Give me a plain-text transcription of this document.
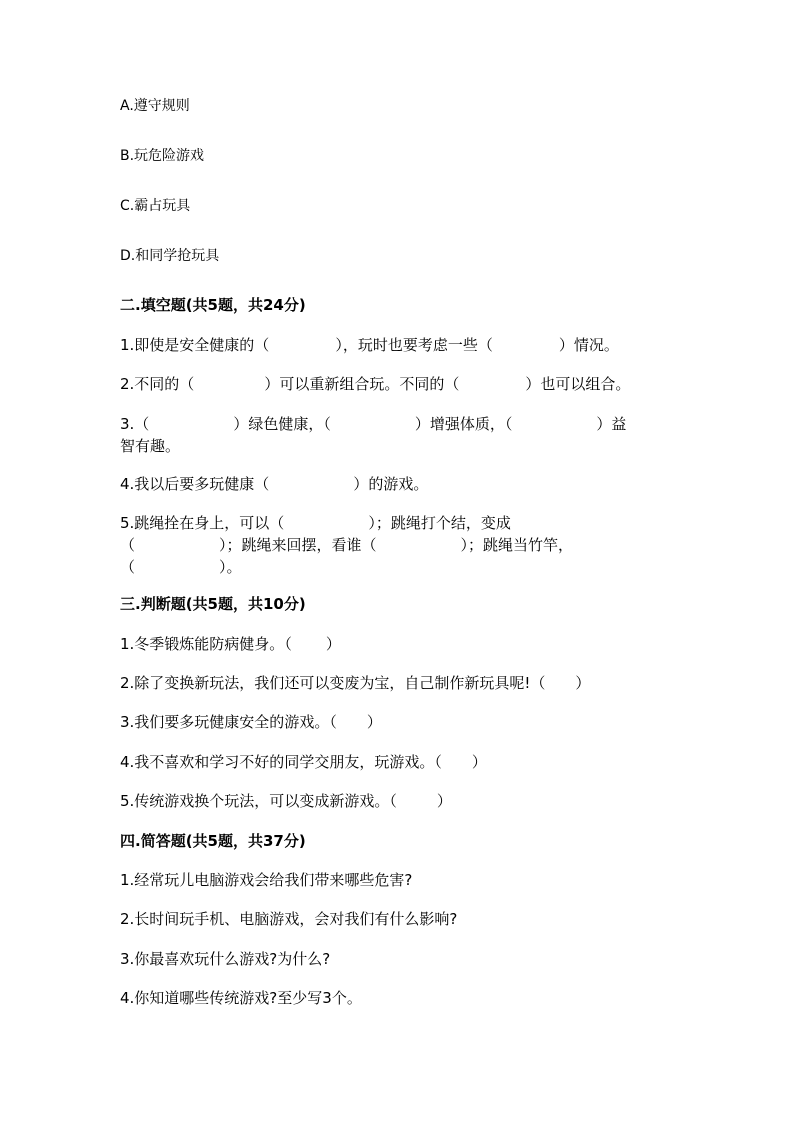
A.遵守规则
B.玩危险游戏
C.霸占玩具
D.和同学抢玩具
二.填空题(共5题，共24分)
1.即使是安全健康的（	），玩时也要考虑一些（	）情况。
2.不同的（	）可以重新组合玩。不同的（	）也可以组合。
3.（	）绿色健康，（	）增强体质，（	）益
智有趣。
4.我以后要多玩健康（	）的游戏。
5.跳绳拴在身上，可以（	）；跳绳打个结，变成
（	）；跳绳来回摆，看谁（	）；跳绳当竹竿，
（	）。
三.判断题(共5题，共10分)
1.冬季锻炼能防病健身。（ ）
2.除了变换新玩法，我们还可以变废为宝，自己制作新玩具呢!（ ）
3.我们要多玩健康安全的游戏。（ ）
4.我不喜欢和学习不好的同学交朋友，玩游戏。（ ）
5.传统游戏换个玩法，可以变成新游戏。（	）
四.简答题(共5题，共37分)
1.经常玩儿电脑游戏会给我们带来哪些危害?
2.长时间玩手机、电脑游戏，会对我们有什么影响?
3.你最喜欢玩什么游戏?为什么?
4.你知道哪些传统游戏?至少写3个。
